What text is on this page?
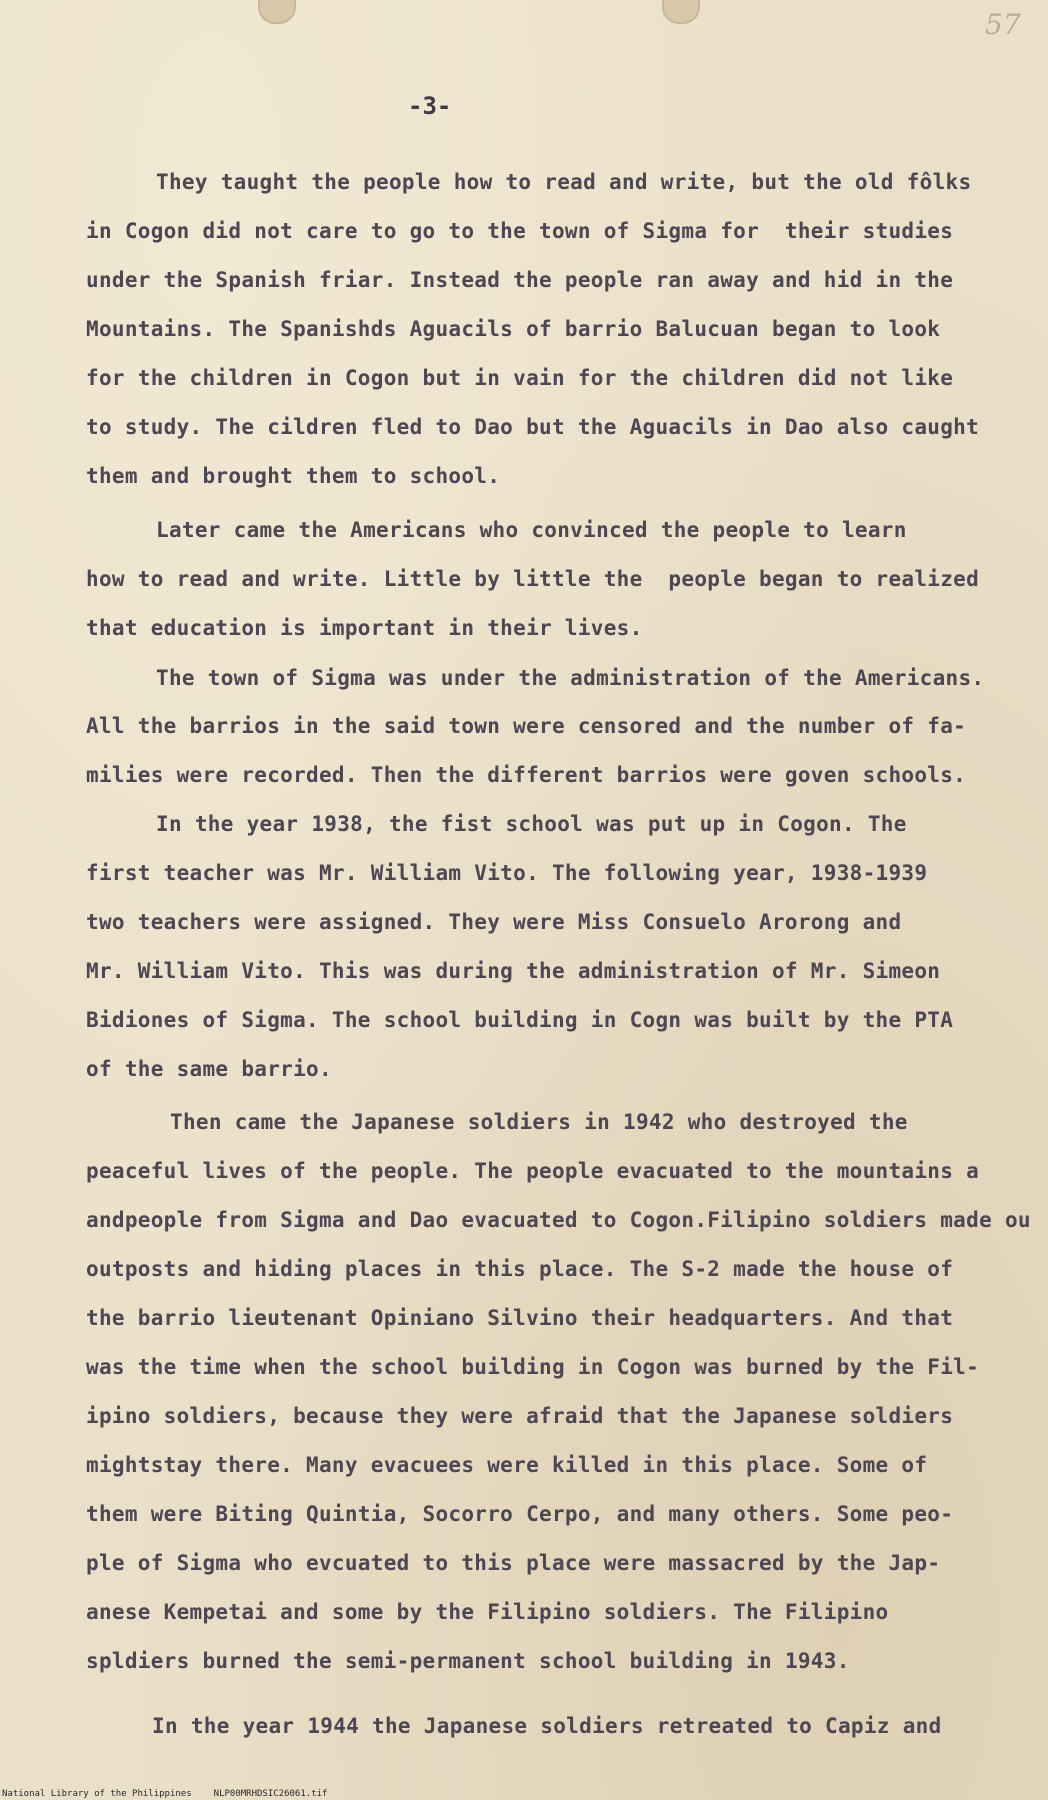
57
-3-
They taught the people how to read and write, but the old fôlks
in Cogon did not care to go to the town of Sigma for  their studies
under the Spanish friar. Instead the people ran away and hid in the
Mountains. The Spanishds Aguacils of barrio Balucuan began to look
for the children in Cogon but in vain for the children did not like
to study. The cildren fled to Dao but the Aguacils in Dao also caught
them and brought them to school.
Later came the Americans who convinced the people to learn
how to read and write. Little by little the  people began to realized
that education is important in their lives.
The town of Sigma was under the administration of the Americans.
All the barrios in the said town were censored and the number of fa-
milies were recorded. Then the different barrios were goven schools.
In the year 1938, the fist school was put up in Cogon. The
first teacher was Mr. William Vito. The following year, 1938-1939
two teachers were assigned. They were Miss Consuelo Arorong and
Mr. William Vito. This was during the administration of Mr. Simeon
Bidiones of Sigma. The school building in Cogn was built by the PTA
of the same barrio.
Then came the Japanese soldiers in 1942 who destroyed the
peaceful lives of the people. The people evacuated to the mountains a
andpeople from Sigma and Dao evacuated to Cogon.Filipino soldiers made ou
outposts and hiding places in this place. The S-2 made the house of
the barrio lieutenant Opiniano Silvino their headquarters. And that
was the time when the school building in Cogon was burned by the Fil-
ipino soldiers, because they were afraid that the Japanese soldiers
mightstay there. Many evacuees were killed in this place. Some of
them were Biting Quintia, Socorro Cerpo, and many others. Some peo-
ple of Sigma who evcuated to this place were massacred by the Jap-
anese Kempetai and some by the Filipino soldiers. The Filipino
spldiers burned the semi-permanent school building in 1943.
In the year 1944 the Japanese soldiers retreated to Capiz and
National Library of the Philippines NLP00MRHDSIC26061.tif
